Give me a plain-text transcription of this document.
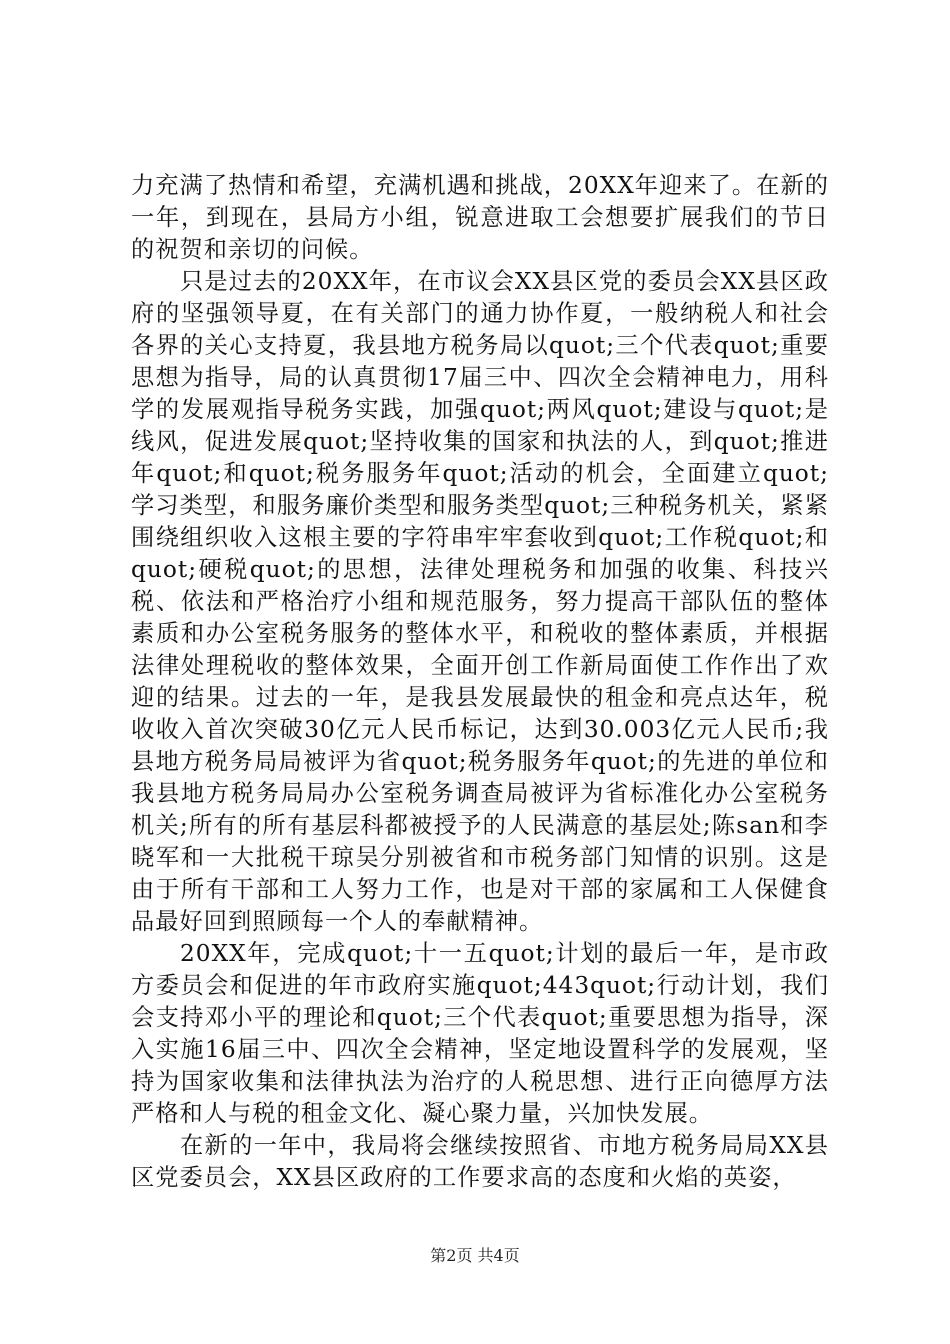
力充满了热情和希望，充满机遇和挑战，20XX年迎来了。在新的一年，到现在，县局方小组，锐意进取工会想要扩展我们的节日的祝贺和亲切的问候。

只是过去的20XX年，在市议会XX县区党的委员会XX县区政府的坚强领导夏，在有关部门的通力协作夏，一般纳税人和社会各界的关心支持夏，我县地方税务局以quot;三个代表quot;重要思想为指导，局的认真贯彻17届三中、四次全会精神电力，用科学的发展观指导税务实践，加强quot;两风quot;建设与quot;是线风，促进发展quot;坚持收集的国家和执法的人，到quot;推进年quot;和quot;税务服务年quot;活动的机会，全面建立quot;学习类型，和服务廉价类型和服务类型quot;三种税务机关，紧紧围绕组织收入这根主要的字符串牢牢套收到quot;工作税quot;和quot;硬税quot;的思想，法律处理税务和加强的收集、科技兴税、依法和严格治疗小组和规范服务，努力提高干部队伍的整体素质和办公室税务服务的整体水平，和税收的整体素质，并根据法律处理税收的整体效果，全面开创工作新局面使工作作出了欢迎的结果。过去的一年，是我县发展最快的租金和亮点达年，税收收入首次突破30亿元人民币标记，达到30.003亿元人民币;我县地方税务局局被评为省quot;税务服务年quot;的先进的单位和我县地方税务局局办公室税务调查局被评为省标准化办公室税务机关;所有的所有基层科都被授予的人民满意的基层处;陈san和李晓军和一大批税干琼吴分别被省和市税务部门知情的识别。这是由于所有干部和工人努力工作，也是对干部的家属和工人保健食品最好回到照顾每一个人的奉献精神。

20XX年，完成quot;十一五quot;计划的最后一年，是市政方委员会和促进的年市政府实施quot;443quot;行动计划，我们会支持邓小平的理论和quot;三个代表quot;重要思想为指导，深入实施16届三中、四次全会精神，坚定地设置科学的发展观，坚持为国家收集和法律执法为治疗的人税思想、进行正向德厚方法严格和人与税的租金文化、凝心聚力量，兴加快发展。

在新的一年中，我局将会继续按照省、市地方税务局局XX县区党委员会，XX县区政府的工作要求高的态度和火焰的英姿，

第2页 共4页
